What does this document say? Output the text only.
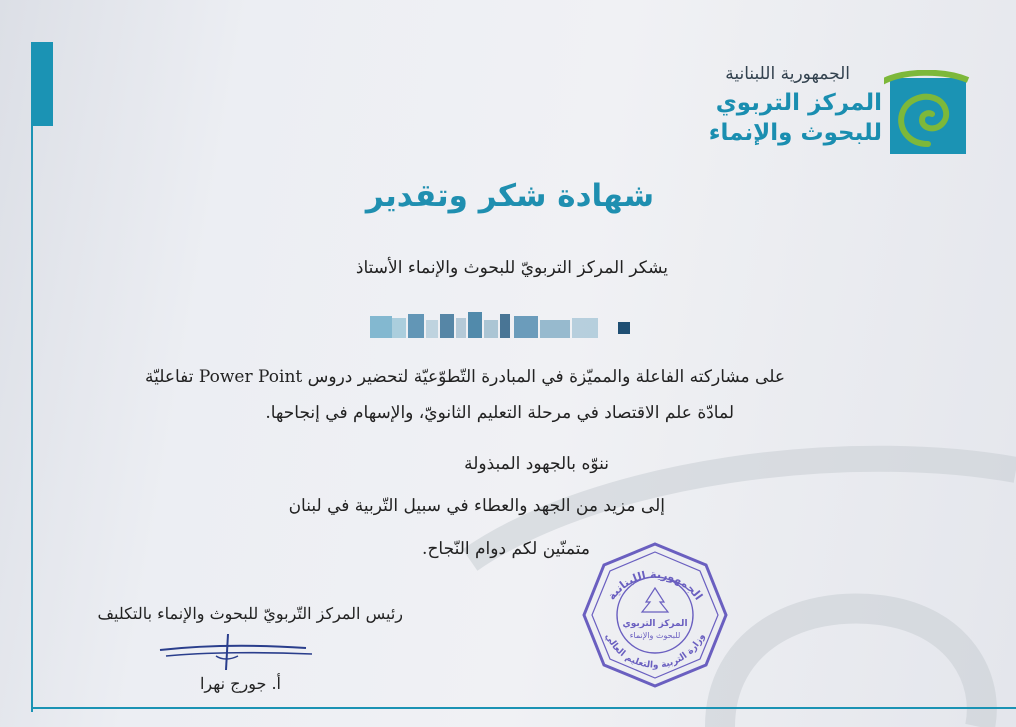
الجمهورية اللبنانية
المركز التربوي
للبحوث والإنماء
شهادة شكر وتقدير
يشكر المركز التربويّ للبحوث والإنماء الأستاذ
على مشاركته الفاعلة والمميّزة في المبادرة التّطوّعيّة لتحضير دروس Power Point تفاعليّة
لمادّة علم الاقتصاد في مرحلة التعليم الثانويّ، والإسهام في إنجاحها.
ننوّه بالجهود المبذولة
إلى مزيد من الجهد والعطاء في سبيل التّربية في لبنان
متمنّين لكم دوام النّجاح.
رئيس المركز التّربويّ للبحوث والإنماء بالتكليف
أ. جورج نهرا
الجمهورية اللبنانية
وزارة التربية والتعليم العالي
المركز التربوي
للبحوث والإنماء
